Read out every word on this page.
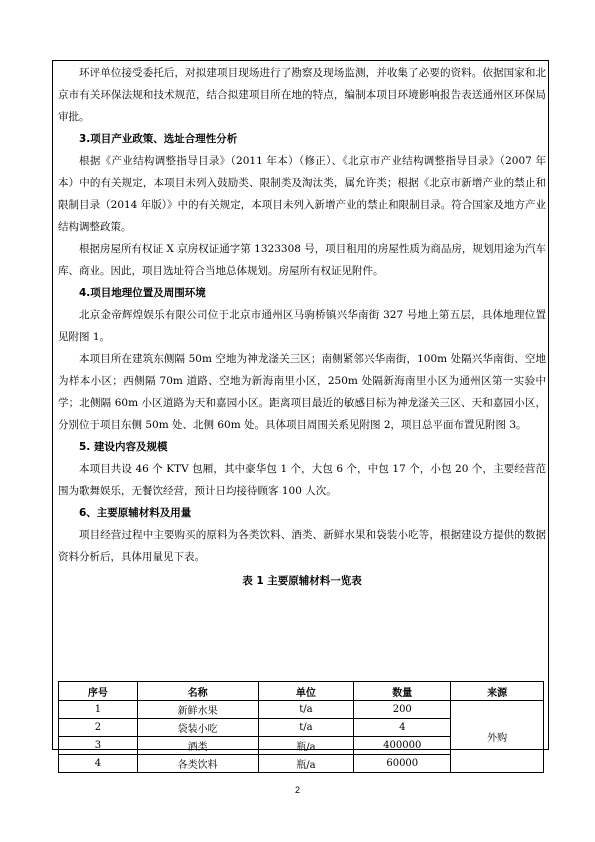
环评单位接受委托后，对拟建项目现场进行了勘察及现场监测，并收集了必要的资料。依据国家和北京市有关环保法规和技术规范，结合拟建项目所在地的特点，编制本项目环境影响报告表送通州区环保局审批。

3.项目产业政策、选址合理性分析

根据《产业结构调整指导目录》（2011 年本）（修正）、《北京市产业结构调整指导目录》（2007 年本）中的有关规定，本项目未列入鼓励类、限制类及淘汰类，属允许类；根据《北京市新增产业的禁止和限制目录（2014 年版）》中的有关规定，本项目未列入新增产业的禁止和限制目录。符合国家及地方产业结构调整政策。

根据房屋所有权证 X 京房权证通字第 1323308 号，项目租用的房屋性质为商品房，规划用途为汽车库、商业。因此，项目选址符合当地总体规划。房屋所有权证见附件。

4.项目地理位置及周围环境

北京金帝辉煌娱乐有限公司位于北京市通州区马驹桥镇兴华南街 327 号地上第五层，具体地理位置见附图 1。

本项目所在建筑东侧隔 50m 空地为神龙滏关三区；南侧紧邻兴华南街，100m 处隔兴华南街、空地为样本小区；西侧隔 70m 道路、空地为新海南里小区，250m 处隔新海南里小区为通州区第一实验中学；北侧隔 60m 小区道路为天和嘉园小区。距离项目最近的敏感目标为神龙滏关三区、天和嘉园小区，分别位于项目东侧 50m 处、北侧 60m 处。具体项目周围关系见附图 2，项目总平面布置见附图 3。

5. 建设内容及规模

本项目共设 46 个 KTV 包厢，其中豪华包 1 个，大包 6 个，中包 17 个，小包 20 个，主要经营范围为歌舞娱乐，无餐饮经营，预计日均接待顾客 100 人次。

6、主要原辅材料及用量

项目经营过程中主要购买的原料为各类饮料、酒类、新鲜水果和袋装小吃等，根据建设方提供的数据资料分析后，具体用量见下表。

表 1 主要原辅材料一览表
序号	名称	单位	数量	来源
1	新鲜水果	t/a	200	外购
2	袋装小吃	t/a	4	
3	酒类	瓶/a	400000	
4	各类饮料	瓶/a	60000	
2
